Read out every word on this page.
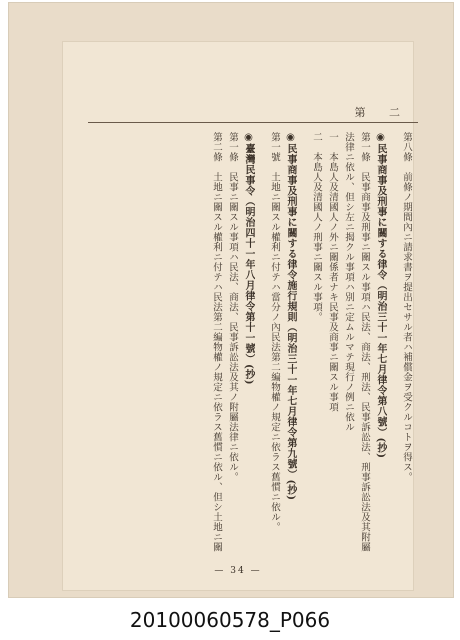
第 二
第八條　前條ノ期間內ニ請求書ヲ提出セサル者ハ補償金ヲ受クルコトヲ得ス。
◉民事商事及刑事に關する律令（明治三十一年七月律令第八號）(抄)
第一條　民事商事及刑事ニ關スル事項ハ民法、商法、刑法、民事訴訟法、刑事訴訟法及其附屬
法律ニ依ル、但シ左ニ揭クル事項ハ別ニ定ムルマテ現行ノ例ニ依ル
一　本島人及清國人ノ外ニ關係者ナキ民事及商事ニ關スル事項
二　本島人及清國人ノ刑事ニ關スル事項。
◉民事商事及刑事に關する律令施行規則（明治三十一年七月律令第九號）(抄)
第一號　土地ニ關スル權利ニ付テハ當分ノ內民法第二編物權ノ規定ニ依ラス舊慣ニ依ル。
◉臺灣民事令（明治四十一年八月律令第十一號）(抄)
第一條　民事ニ關スル事項ハ民法、商法、民事訴訟法及其ノ附屬法律ニ依ル。
第二條　土地ニ關スル權利ニ付テハ民法第二編物權ノ規定ニ依ラス舊慣ニ依ル、但シ土地ニ關
— 34 —
20100060578_P066
